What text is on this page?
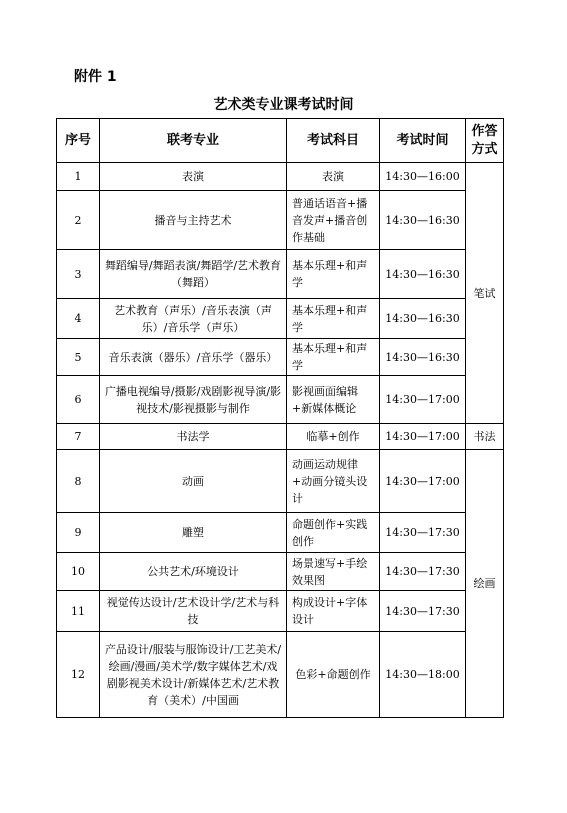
附件 1
艺术类专业课考试时间
序号	联考专业	考试科目	考试时间	作答方式
1	表演	表演	14:30—16:00	笔试
2	播音与主持艺术	普通话语音+播音发声+播音创作基础	14:30—16:30	
3	舞蹈编导/舞蹈表演/舞蹈学/艺术教育（舞蹈）	基本乐理+和声学	14:30—16:30	
4	艺术教育（声乐）/音乐表演（声乐）/音乐学（声乐）	基本乐理+和声学	14:30—16:30	
5	音乐表演（器乐）/音乐学（器乐）	基本乐理+和声学	14:30—16:30	
6	广播电视编导/摄影/戏剧影视导演/影视技术/影视摄影与制作	影视画面编辑+新媒体概论	14:30—17:00	
7	书法学	临摹+创作	14:30—17:00	书法
8	动画	动画运动规律+动画分镜头设计	14:30—17:00	绘画
9	雕塑	命题创作+实践创作	14:30—17:30	
10	公共艺术/环境设计	场景速写+手绘效果图	14:30—17:30	
11	视觉传达设计/艺术设计学/艺术与科技	构成设计+字体设计	14:30—17:30	
12	产品设计/服装与服饰设计/工艺美术/绘画/漫画/美术学/数字媒体艺术/戏剧影视美术设计/新媒体艺术/艺术教育（美术）/中国画	色彩+命题创作	14:30—18:00	
